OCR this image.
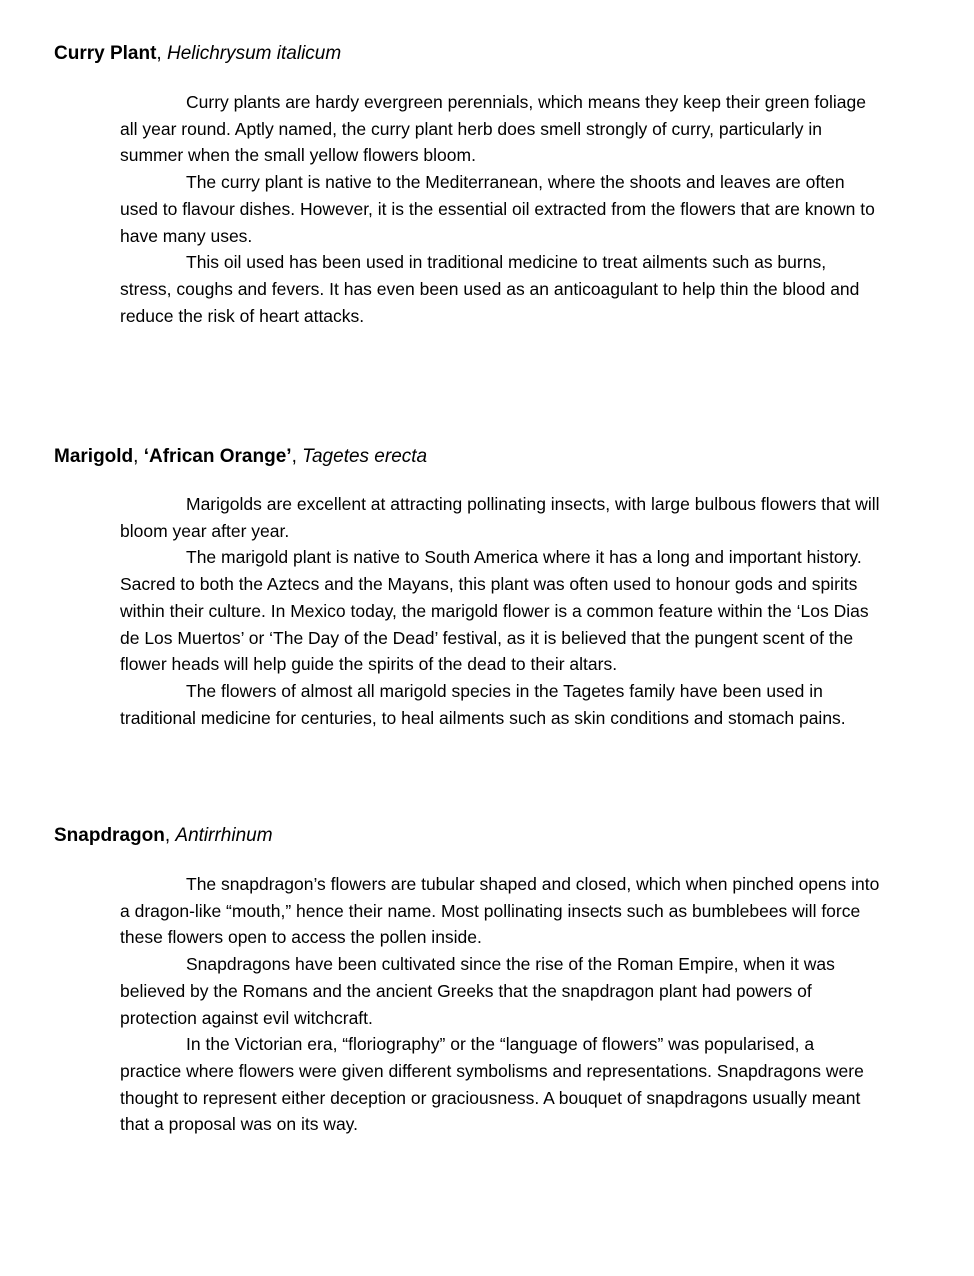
Curry Plant, Helichrysum italicum

Curry plants are hardy evergreen perennials, which means they keep their green foliage all year round. Aptly named, the curry plant herb does smell strongly of curry, particularly in summer when the small yellow flowers bloom.

The curry plant is native to the Mediterranean, where the shoots and leaves are often used to flavour dishes. However, it is the essential oil extracted from the flowers that are known to have many uses.

This oil used has been used in traditional medicine to treat ailments such as burns, stress, coughs and fevers. It has even been used as an anticoagulant to help thin the blood and reduce the risk of heart attacks.

Marigold, ‘African Orange’, Tagetes erecta

Marigolds are excellent at attracting pollinating insects, with large bulbous flowers that will bloom year after year.

The marigold plant is native to South America where it has a long and important history. Sacred to both the Aztecs and the Mayans, this plant was often used to honour gods and spirits within their culture. In Mexico today, the marigold flower is a common feature within the ‘Los Dias de Los Muertos’ or ‘The Day of the Dead’ festival, as it is believed that the pungent scent of the flower heads will help guide the spirits of the dead to their altars.

The flowers of almost all marigold species in the Tagetes family have been used in traditional medicine for centuries, to heal ailments such as skin conditions and stomach pains.

Snapdragon, Antirrhinum

The snapdragon’s flowers are tubular shaped and closed, which when pinched opens into a dragon-like “mouth,” hence their name. Most pollinating insects such as bumblebees will force these flowers open to access the pollen inside.

Snapdragons have been cultivated since the rise of the Roman Empire, when it was believed by the Romans and the ancient Greeks that the snapdragon plant had powers of protection against evil witchcraft.

In the Victorian era, “floriography” or the “language of flowers” was popularised, a practice where flowers were given different symbolisms and representations. Snapdragons were thought to represent either deception or graciousness. A bouquet of snapdragons usually meant that a proposal was on its way.
